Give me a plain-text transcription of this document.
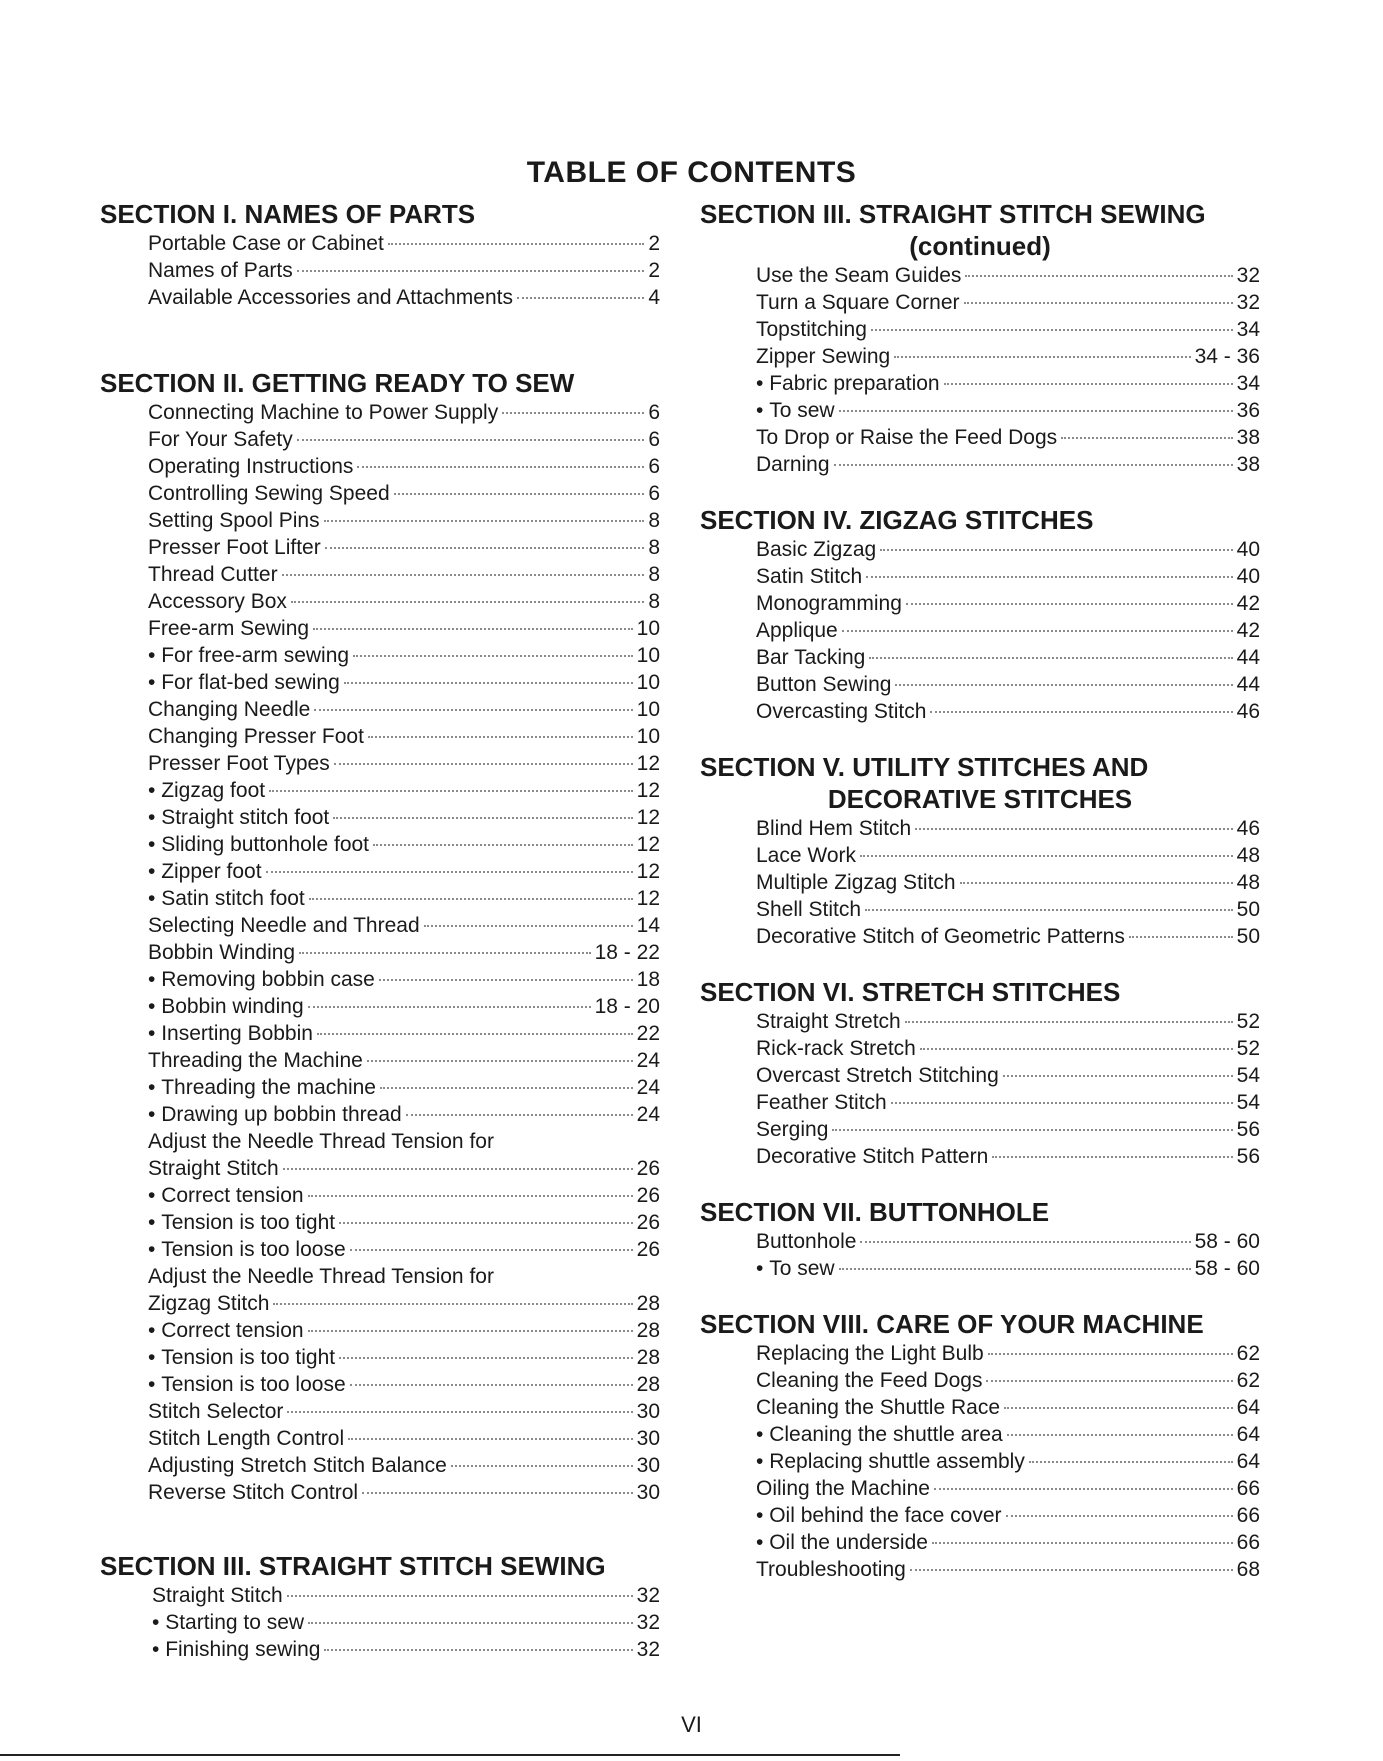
TABLE OF CONTENTS
SECTION I. NAMES OF PARTS
Portable Case or Cabinet	2
Names of Parts	2
Available Accessories and Attachments	4
SECTION II. GETTING READY TO SEW
Connecting Machine to Power Supply	6
For Your Safety	6
Operating Instructions	6
Controlling Sewing Speed	6
Setting Spool Pins	8
Presser Foot Lifter	8
Thread Cutter	8
Accessory Box	8
Free-arm Sewing	10
• For free-arm sewing	10
• For flat-bed sewing	10
Changing Needle	10
Changing Presser Foot	10
Presser Foot Types	12
• Zigzag foot	12
• Straight stitch foot	12
• Sliding buttonhole foot	12
• Zipper foot	12
• Satin stitch foot	12
Selecting Needle and Thread	14
Bobbin Winding	18 - 22
• Removing bobbin case	18
• Bobbin winding	18 - 20
• Inserting Bobbin	22
Threading the Machine	24
• Threading the machine	24
• Drawing up bobbin thread	24
Adjust the Needle Thread Tension for
Straight Stitch	26
• Correct tension	26
• Tension is too tight	26
• Tension is too loose	26
Adjust the Needle Thread Tension for
Zigzag Stitch	28
• Correct tension	28
• Tension is too tight	28
• Tension is too loose	28
Stitch Selector	30
Stitch Length Control	30
Adjusting Stretch Stitch Balance	30
Reverse Stitch Control	30
SECTION III. STRAIGHT STITCH SEWING
Straight Stitch	32
• Starting to sew	32
• Finishing sewing	32
SECTION III. STRAIGHT STITCH SEWING
(continued)
Use the Seam Guides	32
Turn a Square Corner	32
Topstitching	34
Zipper Sewing	34 - 36
• Fabric preparation	34
• To sew	36
To Drop or Raise the Feed Dogs	38
Darning	38
SECTION IV. ZIGZAG STITCHES
Basic Zigzag	40
Satin Stitch	40
Monogramming	42
Applique	42
Bar Tacking	44
Button Sewing	44
Overcasting Stitch	46
SECTION V. UTILITY STITCHES AND
DECORATIVE STITCHES
Blind Hem Stitch	46
Lace Work	48
Multiple Zigzag Stitch	48
Shell Stitch	50
Decorative Stitch of Geometric Patterns	50
SECTION VI. STRETCH STITCHES
Straight Stretch	52
Rick-rack Stretch	52
Overcast Stretch Stitching	54
Feather Stitch	54
Serging	56
Decorative Stitch Pattern	56
SECTION VII. BUTTONHOLE
Buttonhole	58 - 60
• To sew	58 - 60
SECTION VIII. CARE OF YOUR MACHINE
Replacing the Light Bulb	62
Cleaning the Feed Dogs	62
Cleaning the Shuttle Race	64
• Cleaning the shuttle area	64
• Replacing shuttle assembly	64
Oiling the Machine	66
• Oil behind the face cover	66
• Oil the underside	66
Troubleshooting	68
VI
